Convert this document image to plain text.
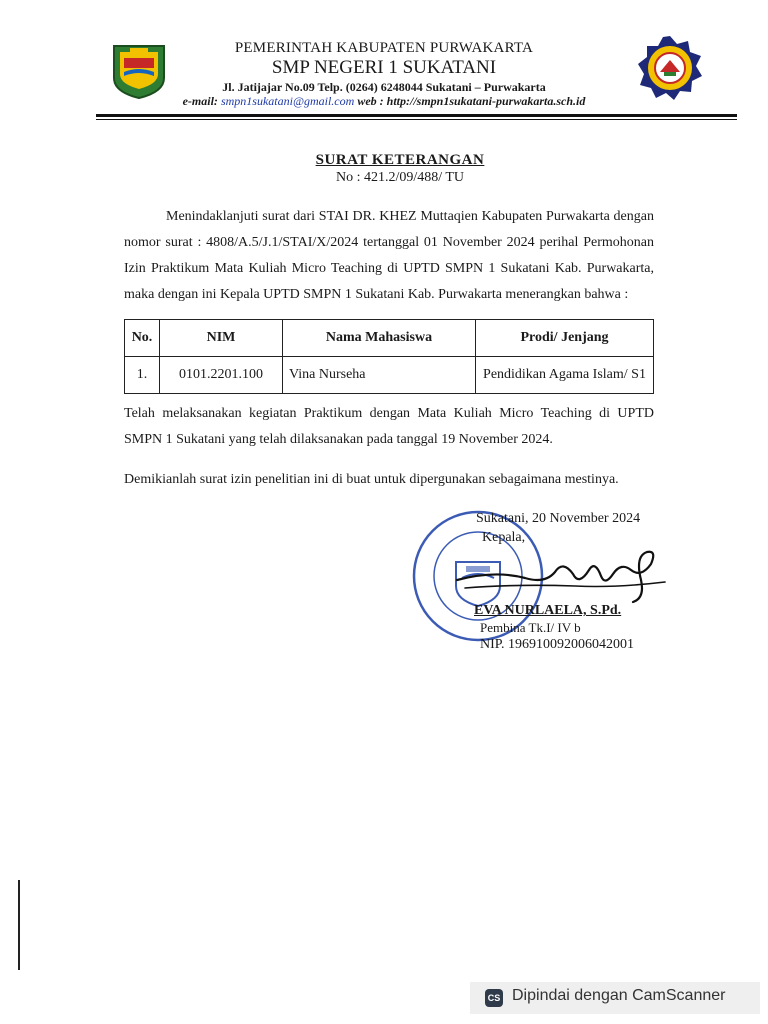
PEMERINTAH KABUPATEN PURWAKARTA
SMP NEGERI 1 SUKATANI
Jl. Jatijajar No.09 Telp. (0264) 6248044 Sukatani – Purwakarta
e-mail: smpn1sukatani@gmail.com web : http://smpn1sukatani-purwakarta.sch.id
SURAT KETERANGAN
No : 421.2/09/488/ TU
Menindaklanjuti surat dari STAI DR. KHEZ Muttaqien Kabupaten Purwakarta dengan nomor surat : 4808/A.5/J.1/STAI/X/2024 tertanggal 01 November 2024 perihal Permohonan Izin Praktikum Mata Kuliah Micro Teaching di UPTD SMPN 1 Sukatani Kab. Purwakarta, maka dengan ini Kepala UPTD SMPN 1 Sukatani Kab. Purwakarta menerangkan bahwa :
No.	NIM	Nama Mahasiswa	Prodi/ Jenjang
1.	0101.2201.100	Vina Nurseha	Pendidikan Agama Islam/ S1
Telah melaksanakan kegiatan Praktikum dengan Mata Kuliah Micro Teaching di UPTD SMPN 1 Sukatani yang telah dilaksanakan pada tanggal 19 November 2024.
Demikianlah surat izin penelitian ini di buat untuk dipergunakan sebagaimana mestinya.
Sukatani, 20 November 2024
Kepala,
EVA NURLAELA, S.Pd.
Pembina Tk.I/ IV b
NIP. 196910092006042001
CS Dipindai dengan CamScanner
